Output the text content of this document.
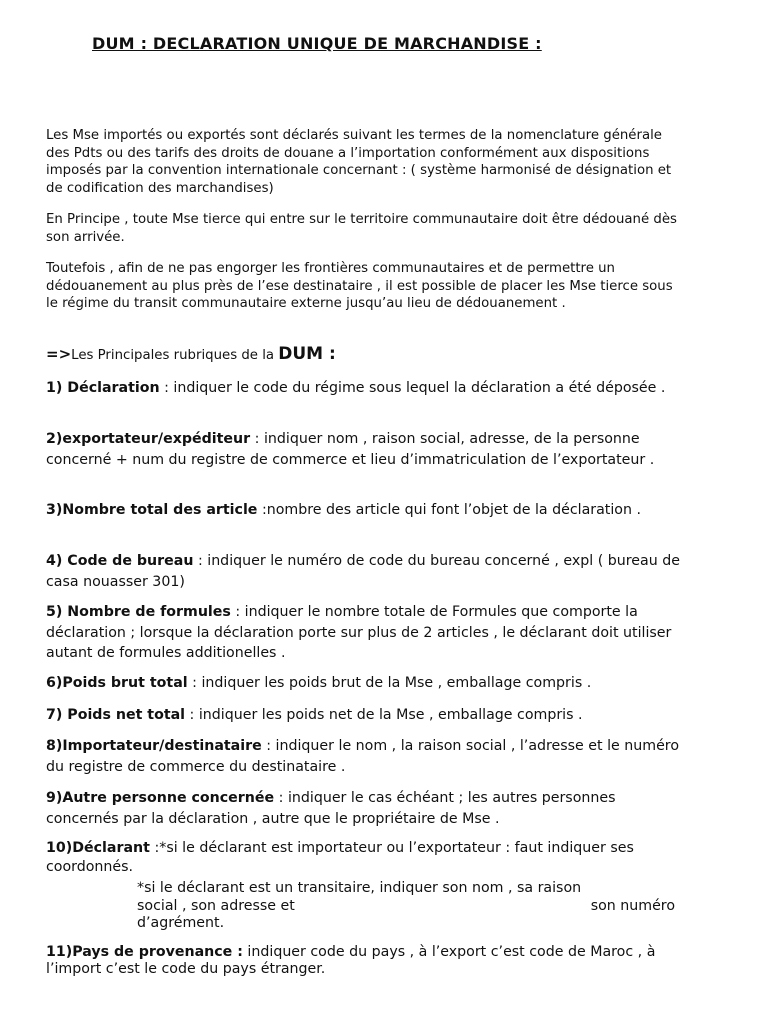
DUM : DECLARATION UNIQUE DE MARCHANDISE :
Les Mse importés ou exportés sont déclarés suivant les termes de la nomenclature générale des Pdts ou des tarifs des droits de douane a l’importation conformément aux dispositions imposés par la convention internationale concernant : ( système harmonisé de désignation et de codification des marchandises)
En Principe , toute Mse tierce qui entre sur le territoire communautaire doit être dédouané dès son arrivée.
Toutefois , afin de ne pas engorger les frontières communautaires et de permettre un dédouanement au plus près de l’ese destinataire , il est possible de placer les Mse tierce sous le régime du transit communautaire externe jusqu’au lieu de dédouanement .
=>Les Principales rubriques de la DUM :
1) Déclaration : indiquer le code du régime sous lequel la déclaration a été déposée .
2)exportateur/expéditeur : indiquer nom , raison social, adresse, de la personne concerné + num du registre de commerce et lieu d’immatriculation de l’exportateur .
3)Nombre total des article :nombre des article qui font l’objet de la déclaration .
4) Code de bureau : indiquer le numéro de code du bureau concerné , expl ( bureau de casa nouasser 301)
5) Nombre de formules : indiquer le nombre totale de Formules que comporte la déclaration ; lorsque la déclaration porte sur plus de 2 articles , le déclarant doit utiliser autant de formules additionelles .
6)Poids brut total : indiquer les poids brut de la Mse , emballage compris .
7) Poids net total : indiquer les poids net de la Mse , emballage compris .
8)Importateur/destinataire : indiquer le nom , la raison social , l’adresse et le numéro du registre de commerce du destinataire .
9)Autre personne concernée : indiquer le cas échéant ; les autres personnes concernés par la déclaration , autre que le propriétaire de Mse .
10)Déclarant :*si le déclarant est importateur ou l’exportateur : faut indiquer ses coordonnés.
*si le déclarant est un transitaire, indiquer son nom , sa raison
social , son adresse et	son numéro
d’agrément.
11)Pays de provenance : indiquer code du pays , à l’export c’est code de Maroc , à l’import c’est le code du pays étranger.
